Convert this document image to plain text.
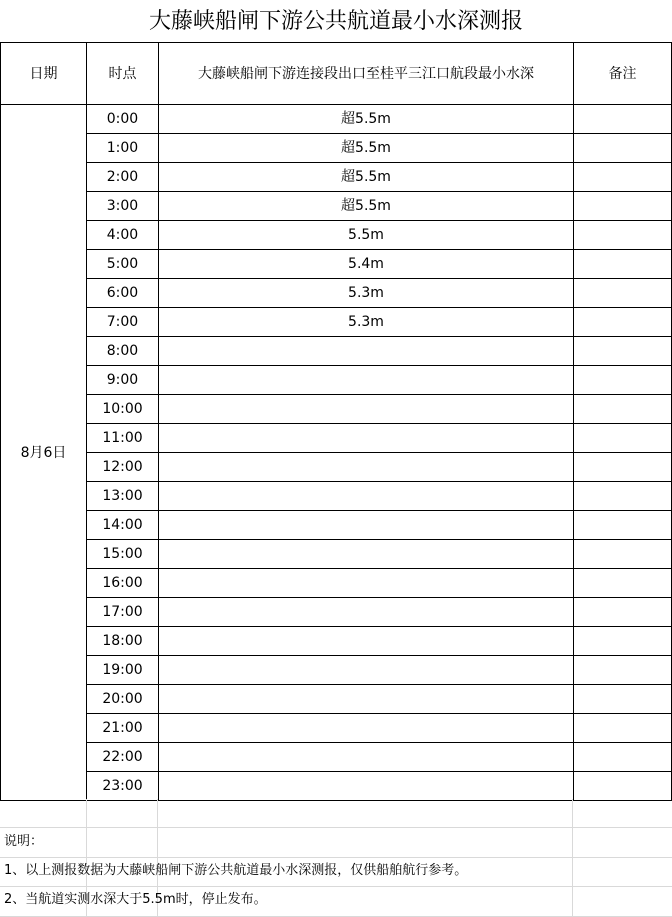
大藤峡船闸下游公共航道最小水深测报
日期	时点	大藤峡船闸下游连接段出口至桂平三江口航段最小水深	备注
8月6日	0:00	超5.5m	
	1:00	超5.5m	
	2:00	超5.5m	
	3:00	超5.5m	
	4:00	5.5m	
	5:00	5.4m	
	6:00	5.3m	
	7:00	5.3m	
	8:00		
	9:00		
	10:00		
	11:00		
	12:00		
	13:00		
	14:00		
	15:00		
	16:00		
	17:00		
	18:00		
	19:00		
	20:00		
	21:00		
	22:00		
	23:00		
说明：
1、以上测报数据为大藤峡船闸下游公共航道最小水深测报，仅供船舶航行参考。
2、当航道实测水深大于5.5m时，停止发布。
